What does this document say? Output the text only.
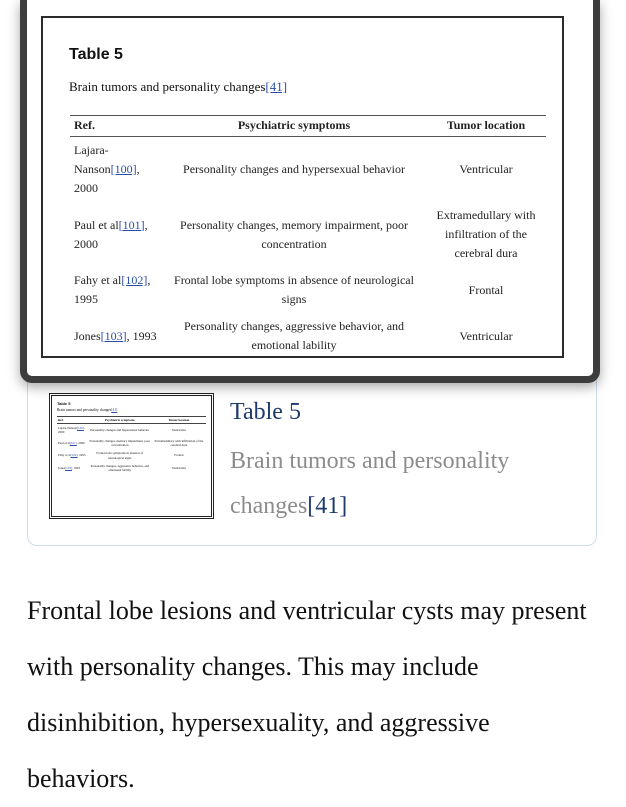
Table 5
Brain tumors and personality changes[41]
Ref.	Psychiatric symptoms	Tumor location
Lajara-Nanson[100], 2000	Personality changes and hypersexual behavior	Ventricular
Paul et al[101], 2000	Personality changes, memory impairment, poor concentration	Extramedullary with infiltration of the cerebral dura
Fahy et al[102], 1995	Frontal lobe symptoms in absence of neurological signs	Frontal
Jones[103], 1993	Personality changes, aggressive behavior, and emotional lability	Ventricular
Table 5
Brain tumors and personality changes[41]
Table 5
Brain tumors and personality changes[41]
Ref.	Psychiatric symptoms	Tumor location
Lajara-Nanson[100], 2000	Personality changes and hypersexual behavior	Ventricular
Paul et al[101], 2000	Personality changes, memory impairment, poor concentration	Extramedullary with infiltration of the cerebral dura
Fahy et al[102], 1995	Frontal lobe symptoms in absence of neurological signs	Frontal
Jones[103], 1993	Personality changes, aggressive behavior, and emotional lability	Ventricular
Frontal lobe lesions and ventricular cysts may present with personality changes. This may include disinhibition, hypersexuality, and aggressive behaviors.
